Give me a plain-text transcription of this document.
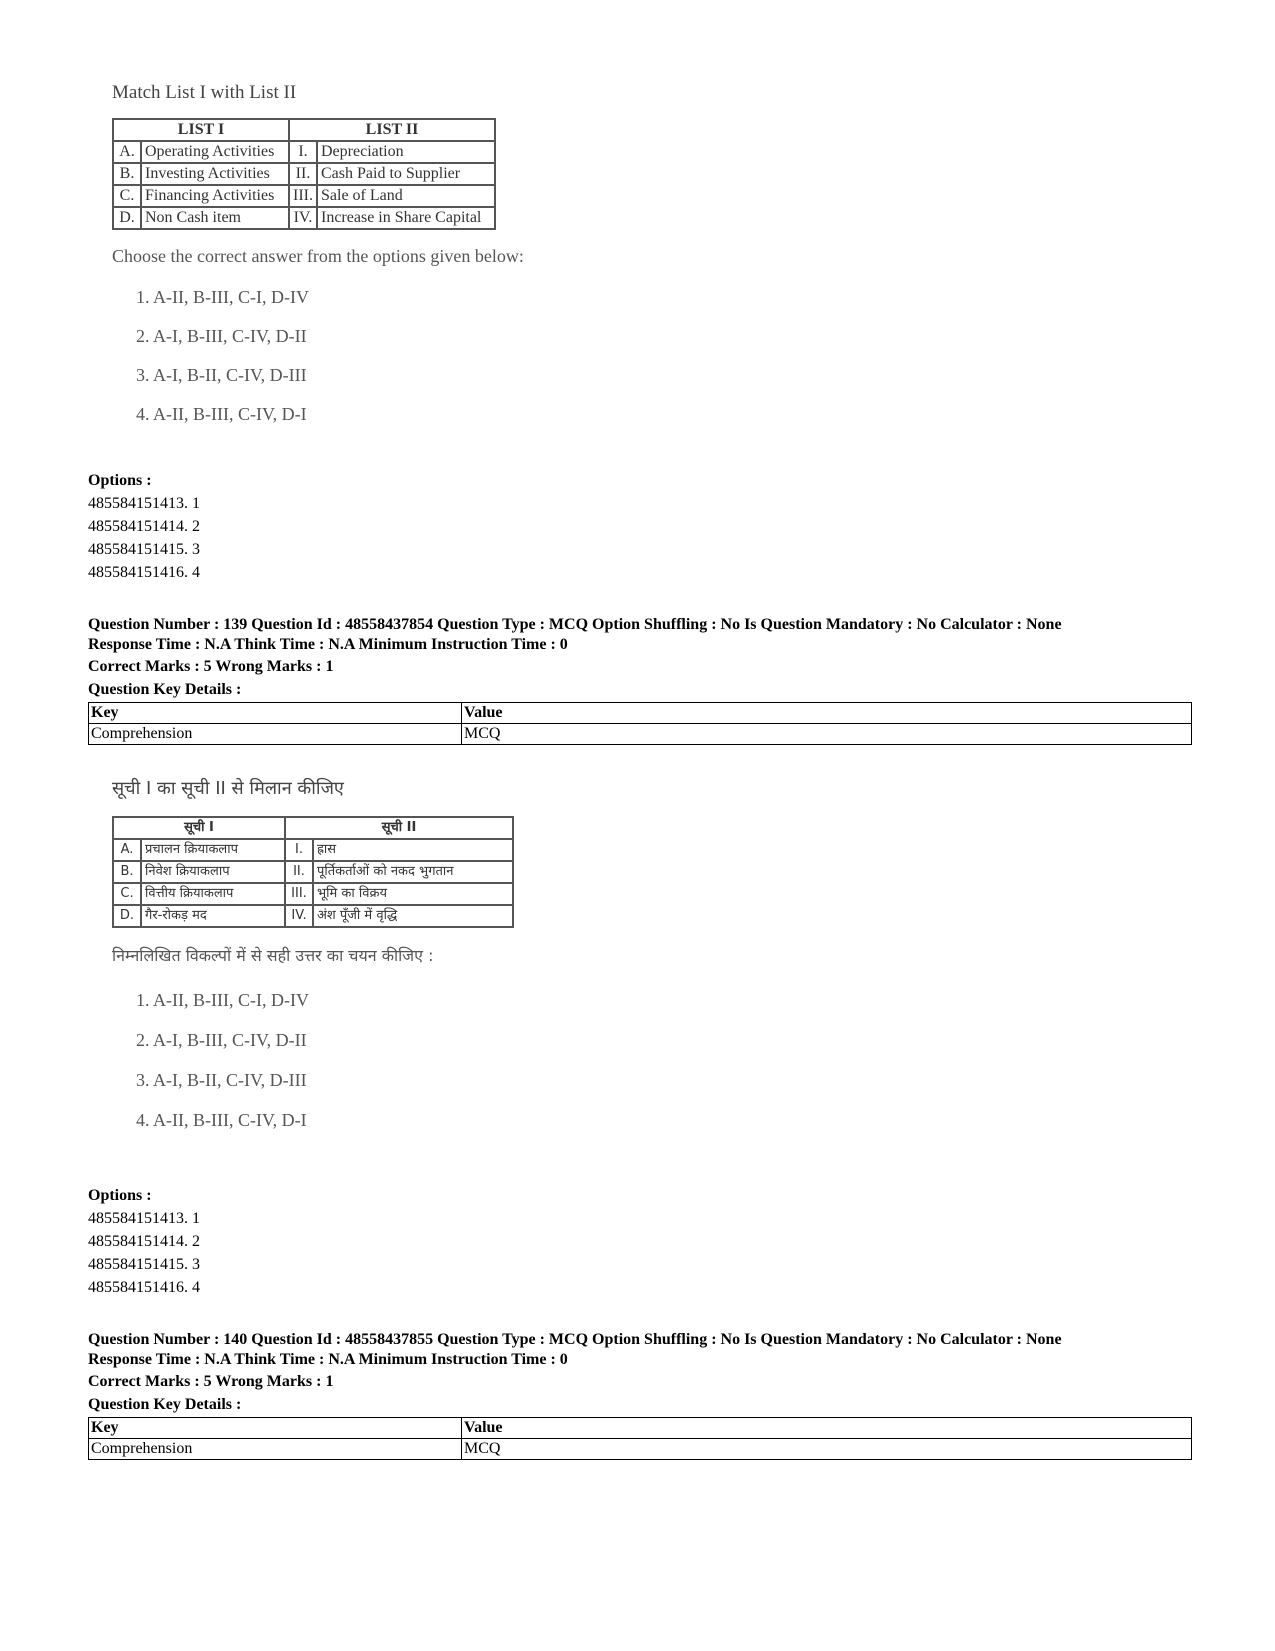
Match List I with List II
LIST I		LIST II	
A.	Operating Activities	I.	Depreciation
B.	Investing Activities	II.	Cash Paid to Supplier
C.	Financing Activities	III.	Sale of Land
D.	Non Cash item	IV.	Increase in Share Capital
Choose the correct answer from the options given below:
1. A-II, B-III, C-I, D-IV
2. A-I, B-III, C-IV, D-II
3. A-I, B-II, C-IV, D-III
4. A-II, B-III, C-IV, D-I
Options :
485584151413. 1
485584151414. 2
485584151415. 3
485584151416. 4
Question Number : 139 Question Id : 48558437854 Question Type : MCQ Option Shuffling : No Is Question Mandatory : No Calculator : None
Response Time : N.A Think Time : N.A Minimum Instruction Time : 0
Correct Marks : 5 Wrong Marks : 1
Question Key Details :
Key	Value
Comprehension	MCQ
सूची I का सूची II से मिलान कीजिए
सूची I		सूची II	
A.	प्रचालन क्रियाकलाप	I.	ह्रास
B.	निवेश क्रियाकलाप	II.	पूर्तिकर्ताओं को नकद भुगतान
C.	वित्तीय क्रियाकलाप	III.	भूमि का विक्रय
D.	गैर-रोकड़ मद	IV.	अंश पूँजी में वृद्धि
निम्नलिखित विकल्पों में से सही उत्तर का चयन कीजिए :
1. A-II, B-III, C-I, D-IV
2. A-I, B-III, C-IV, D-II
3. A-I, B-II, C-IV, D-III
4. A-II, B-III, C-IV, D-I
Options :
485584151413. 1
485584151414. 2
485584151415. 3
485584151416. 4
Question Number : 140 Question Id : 48558437855 Question Type : MCQ Option Shuffling : No Is Question Mandatory : No Calculator : None
Response Time : N.A Think Time : N.A Minimum Instruction Time : 0
Correct Marks : 5 Wrong Marks : 1
Question Key Details :
Key	Value
Comprehension	MCQ
